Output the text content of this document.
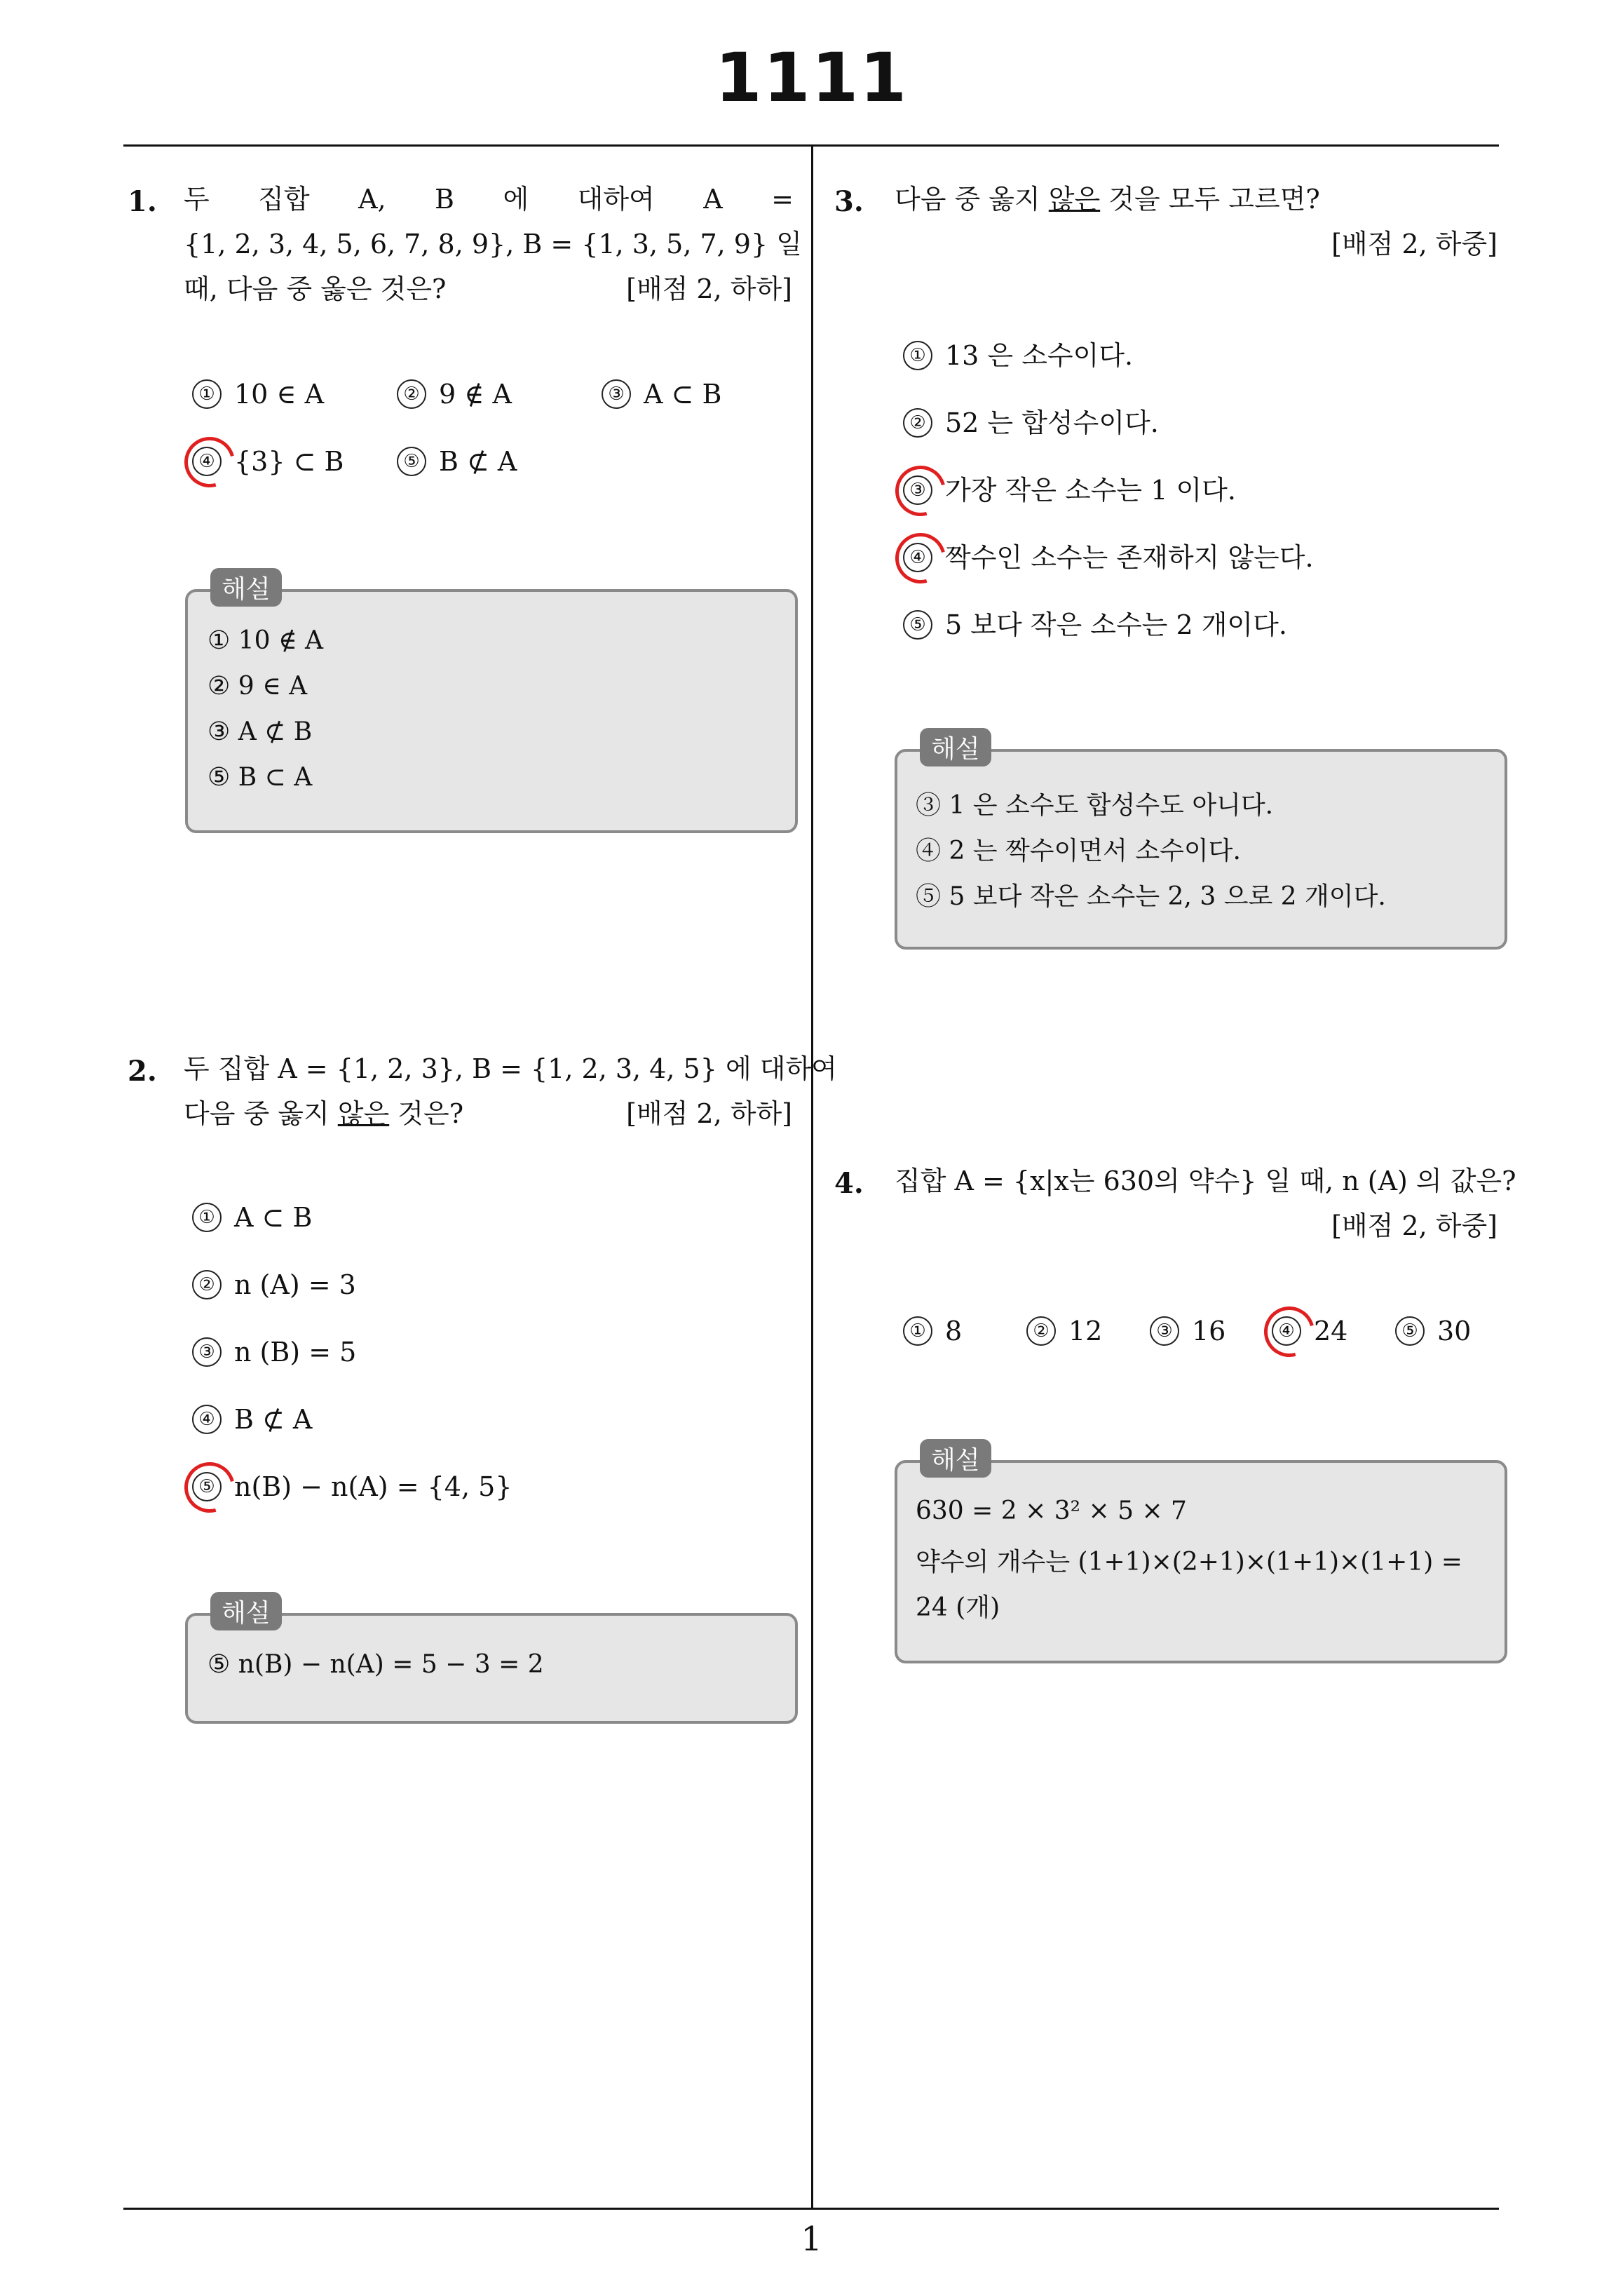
1111
1
1. 두 집합 A, B 에 대하여 A =
{1, 2, 3, 4, 5, 6, 7, 8, 9}, B = {1, 3, 5, 7, 9} 일
때, 다음 중 옳은 것은?	[배점 2, 하하]
① 10 ∈ A	② 9 ∉ A	③ A ⊂ B
④ {3} ⊂ B	⑤ B ⊄ A
해설
① 10 ∉ A
② 9 ∈ A
③ A ⊄ B
⑤ B ⊂ A
2. 두 집합 A = {1, 2, 3}, B = {1, 2, 3, 4, 5} 에 대하여
다음 중 옳지 않은 것은?	[배점 2, 하하]
① A ⊂ B
② n (A) = 3
③ n (B) = 5
④ B ⊄ A
⑤ n(B) − n(A) = {4, 5}
해설
⑤ n(B) − n(A) = 5 − 3 = 2
3. 다음 중 옳지 않은 것을 모두 고르면?
[배점 2, 하중]
① 13 은 소수이다.
② 52 는 합성수이다.
③ 가장 작은 소수는 1 이다.
④ 짝수인 소수는 존재하지 않는다.
⑤ 5 보다 작은 소수는 2 개이다.
해설
③ 1 은 소수도 합성수도 아니다.
④ 2 는 짝수이면서 소수이다.
⑤ 5 보다 작은 소수는 2, 3 으로 2 개이다.
4. 집합 A = {x|x는 630의 약수} 일 때, n (A) 의 값은?
[배점 2, 하중]
① 8	② 12	③ 16	④ 24	⑤ 30
해설
630 = 2 × 3² × 5 × 7
약수의 개수는 (1+1)×(2+1)×(1+1)×(1+1) =
24 (개)
